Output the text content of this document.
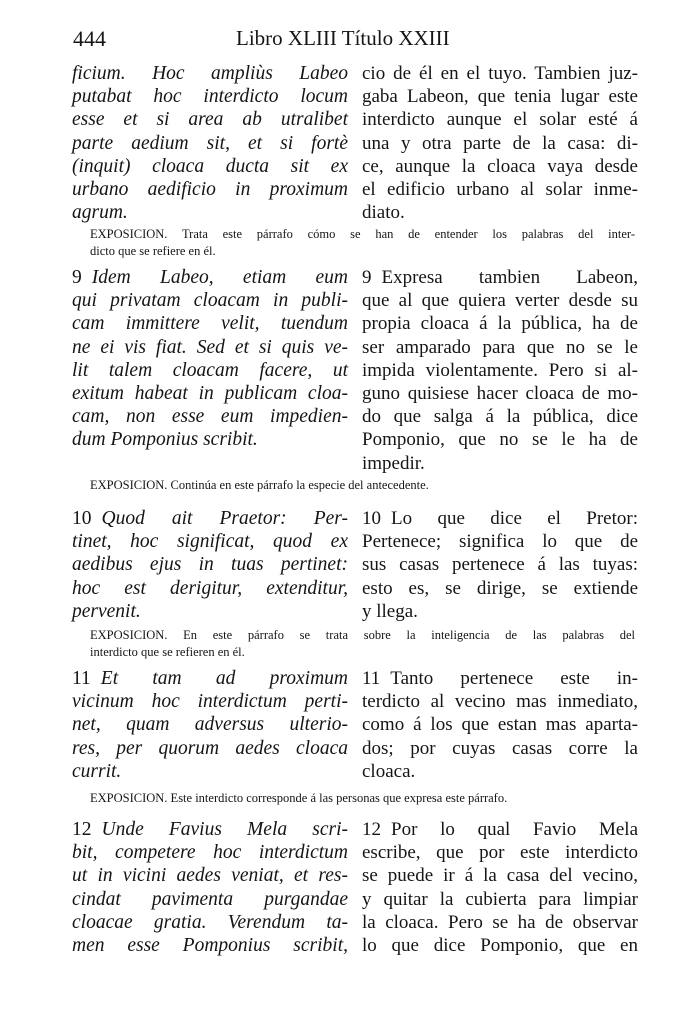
444	Libro XLIII Título XXIII
ficium. Hoc ampliùs Labeo
putabat hoc interdicto locum
esse et si area ab utralibet
parte aedium sit, et si fortè
(inquit) cloaca ducta sit ex
urbano aedificio in proximum
agrum.
cio de él en el tuyo. Tambien juz-
gaba Labeon, que tenia lugar este
interdicto aunque el solar esté á
una y otra parte de la casa: di-
ce, aunque la cloaca vaya desde
el edificio urbano al solar inme-
diato.
EXPOSICION. Trata este párrafo cómo se han de entender los palabras del inter-
dicto que se refiere en él.
9 Idem Labeo, etiam eum
qui privatam cloacam in publi-
cam immittere velit, tuendum
ne ei vis fiat. Sed et si quis ve-
lit talem cloacam facere, ut
exitum habeat in publicam cloa-
cam, non esse eum impedien-
dum Pomponius scribit.
9 Expresa tambien Labeon,
que al que quiera verter desde su
propia cloaca á la pública, ha de
ser amparado para que no se le
impida violentamente. Pero si al-
guno quisiese hacer cloaca de mo-
do que salga á la pública, dice
Pomponio, que no se le ha de
impedir.
EXPOSICION. Continúa en este párrafo la especie del antecedente.
10 Quod ait Praetor: Per-
tinet, hoc significat, quod ex
aedibus ejus in tuas pertinet:
hoc est derigitur, extenditur,
pervenit.
10 Lo que dice el Pretor:
Pertenece; significa lo que de
sus casas pertenece á las tuyas:
esto es, se dirige, se extiende
y llega.
EXPOSICION. En este párrafo se trata sobre la inteligencia de las palabras del
interdicto que se refieren en él.
11 Et tam ad proximum
vicinum hoc interdictum perti-
net, quam adversus ulterio-
res, per quorum aedes cloaca
currit.
11 Tanto pertenece este in-
terdicto al vecino mas inmediato,
como á los que estan mas aparta-
dos; por cuyas casas corre la
cloaca.
EXPOSICION. Este interdicto corresponde á las personas que expresa este párrafo.
12 Unde Favius Mela scri-
bit, competere hoc interdictum
ut in vicini aedes veniat, et res-
cindat pavimenta purgandae
cloacae gratia. Verendum ta-
men esse Pomponius scribit,
12 Por lo qual Favio Mela
escribe, que por este interdicto
se puede ir á la casa del vecino,
y quitar la cubierta para limpiar
la cloaca. Pero se ha de observar
lo que dice Pomponio, que en
